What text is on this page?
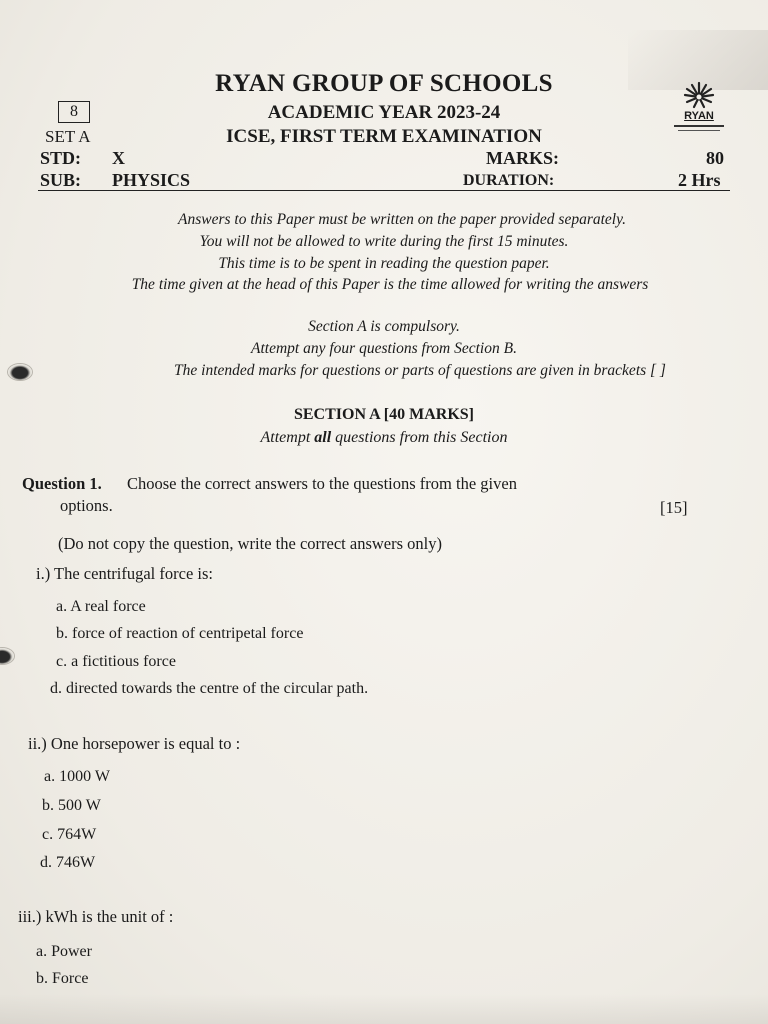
RYAN GROUP OF SCHOOLS
ACADEMIC YEAR 2023-24
ICSE, FIRST TERM EXAMINATION
8
SET A
RYAN
STD: X	MARKS:	80
SUB: PHYSICS	DURATION:	2 Hrs
Answers to this Paper must be written on the paper provided separately.
You will not be allowed to write during the first 15 minutes.
This time is to be spent in reading the question paper.
The time given at the head of this Paper is the time allowed for writing the answers
Section A is compulsory.
Attempt any four questions from Section B.
The intended marks for questions or parts of questions are given in brackets [ ]
SECTION A [40 MARKS]
Attempt all questions from this Section
Question 1. Choose the correct answers to the questions from the given
options.	[15]
(Do not copy the question, write the correct answers only)
i.) The centrifugal force is:
a. A real force
b. force of reaction of centripetal force
c. a fictitious force
d. directed towards the centre of the circular path.
ii.) One horsepower is equal to :
a. 1000 W
b. 500 W
c. 764W
d. 746W
iii.) kWh is the unit of :
a. Power
b. Force
